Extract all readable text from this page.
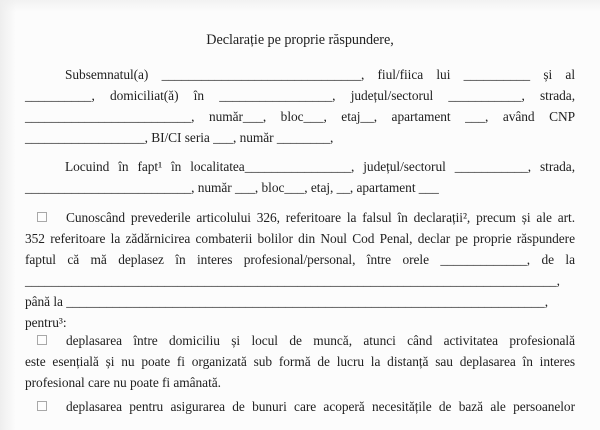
Declarație pe proprie răspundere,
Subsemnatul(a) ______________________________, fiul/fiica lui __________ și al
__________, domiciliat(ă) în _________________, județul/sectorul ___________, strada,
_________________________, număr___, bloc___, etaj__, apartament ___, având CNP
__________________, BI/CI seria ___, număr ________,
Locuind în fapt¹ în localitatea________________, județul/sectorul ___________, strada,
_________________________, număr ___, bloc___, etaj, __, apartament ___
Cunoscând prevederile articolului 326, referitoare la falsul în declarații², precum și ale art.
352 referitoare la zădărnicirea combaterii bolilor din Noul Cod Penal, declar pe proprie răspundere
faptul că mă deplasez în interes profesional/personal, între orele _____________, de la
________________________________________________________________________________,
până la ________________________________________________________________________,
pentru³:
deplasarea între domiciliu și locul de muncă, atunci când activitatea profesională
este esențială și nu poate fi organizată sub formă de lucru la distanță sau deplasarea în interes
profesional care nu poate fi amânată.
deplasarea pentru asigurarea de bunuri care acoperă necesitățile de bază ale persoanelor
